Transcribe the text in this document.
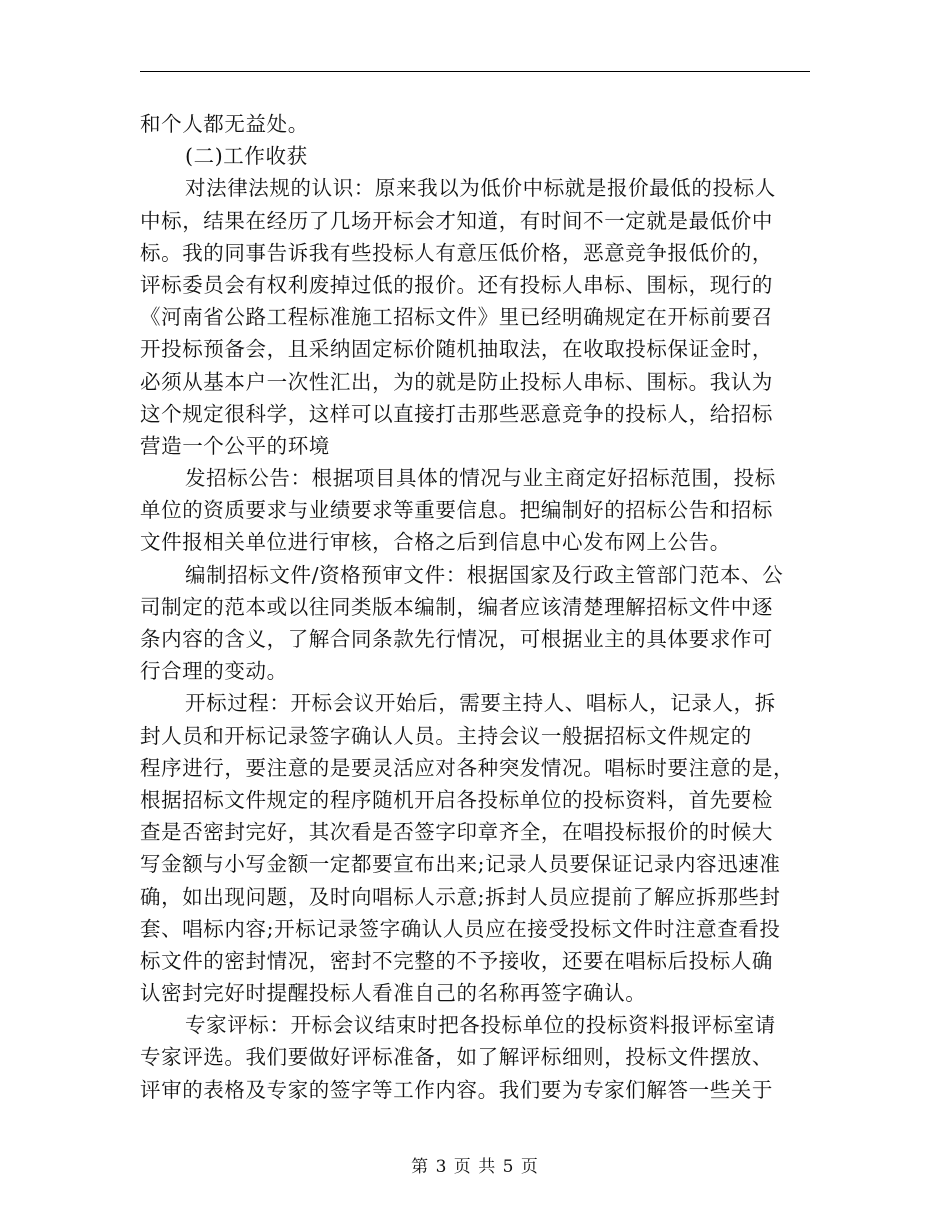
和个人都无益处。
(二)工作收获
对法律法规的认识：原来我以为低价中标就是报价最低的投标人
中标，结果在经历了几场开标会才知道，有时间不一定就是最低价中
标。我的同事告诉我有些投标人有意压低价格，恶意竞争报低价的，
评标委员会有权利废掉过低的报价。还有投标人串标、围标，现行的
《河南省公路工程标准施工招标文件》里已经明确规定在开标前要召
开投标预备会，且采纳固定标价随机抽取法，在收取投标保证金时，
必须从基本户一次性汇出，为的就是防止投标人串标、围标。我认为
这个规定很科学，这样可以直接打击那些恶意竞争的投标人，给招标
营造一个公平的环境
发招标公告：根据项目具体的情况与业主商定好招标范围，投标
单位的资质要求与业绩要求等重要信息。把编制好的招标公告和招标
文件报相关单位进行审核，合格之后到信息中心发布网上公告。
编制招标文件/资格预审文件：根据国家及行政主管部门范本、公
司制定的范本或以往同类版本编制，编者应该清楚理解招标文件中逐
条内容的含义，了解合同条款先行情况，可根据业主的具体要求作可
行合理的变动。
开标过程：开标会议开始后，需要主持人、唱标人，记录人，拆
封人员和开标记录签字确认人员。主持会议一般据招标文件规定的
程序进行，要注意的是要灵活应对各种突发情况。唱标时要注意的是，
根据招标文件规定的程序随机开启各投标单位的投标资料，首先要检
查是否密封完好，其次看是否签字印章齐全，在唱投标报价的时候大
写金额与小写金额一定都要宣布出来;记录人员要保证记录内容迅速准
确，如出现问题，及时向唱标人示意;拆封人员应提前了解应拆那些封
套、唱标内容;开标记录签字确认人员应在接受投标文件时注意查看投
标文件的密封情况，密封不完整的不予接收，还要在唱标后投标人确
认密封完好时提醒投标人看准自己的名称再签字确认。
专家评标：开标会议结束时把各投标单位的投标资料报评标室请
专家评选。我们要做好评标准备，如了解评标细则，投标文件摆放、
评审的表格及专家的签字等工作内容。我们要为专家们解答一些关于
第 3 页 共 5 页
